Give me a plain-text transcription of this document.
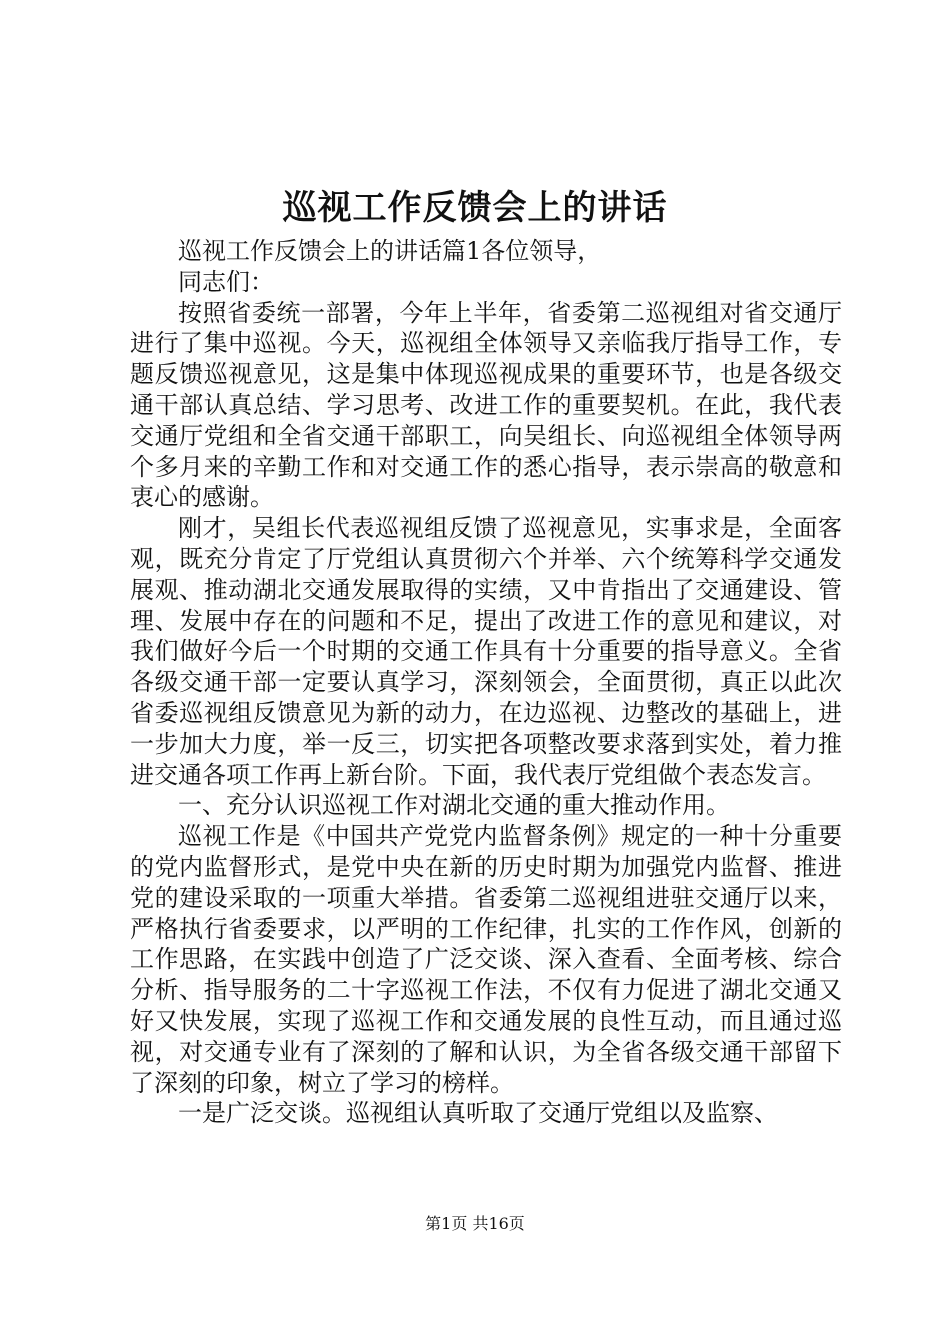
巡视工作反馈会上的讲话

巡视工作反馈会上的讲话篇1各位领导，

同志们：

按照省委统一部署，今年上半年，省委第二巡视组对省交通厅进行了集中巡视。今天，巡视组全体领导又亲临我厅指导工作，专题反馈巡视意见，这是集中体现巡视成果的重要环节，也是各级交通干部认真总结、学习思考、改进工作的重要契机。在此，我代表交通厅党组和全省交通干部职工，向吴组长、向巡视组全体领导两个多月来的辛勤工作和对交通工作的悉心指导，表示崇高的敬意和衷心的感谢。

刚才，吴组长代表巡视组反馈了巡视意见，实事求是，全面客观，既充分肯定了厅党组认真贯彻六个并举、六个统筹科学交通发展观、推动湖北交通发展取得的实绩，又中肯指出了交通建设、管理、发展中存在的问题和不足，提出了改进工作的意见和建议，对我们做好今后一个时期的交通工作具有十分重要的指导意义。全省各级交通干部一定要认真学习，深刻领会，全面贯彻，真正以此次省委巡视组反馈意见为新的动力，在边巡视、边整改的基础上，进一步加大力度，举一反三，切实把各项整改要求落到实处，着力推进交通各项工作再上新台阶。下面，我代表厅党组做个表态发言。

一、充分认识巡视工作对湖北交通的重大推动作用。

巡视工作是《中国共产党党内监督条例》规定的一种十分重要的党内监督形式，是党中央在新的历史时期为加强党内监督、推进党的建设采取的一项重大举措。省委第二巡视组进驻交通厅以来，严格执行省委要求，以严明的工作纪律，扎实的工作作风，创新的工作思路，在实践中创造了广泛交谈、深入查看、全面考核、综合分析、指导服务的二十字巡视工作法，不仅有力促进了湖北交通又好又快发展，实现了巡视工作和交通发展的良性互动，而且通过巡视，对交通专业有了深刻的了解和认识，为全省各级交通干部留下了深刻的印象，树立了学习的榜样。

一是广泛交谈。巡视组认真听取了交通厅党组以及监察、

第1页 共16页
